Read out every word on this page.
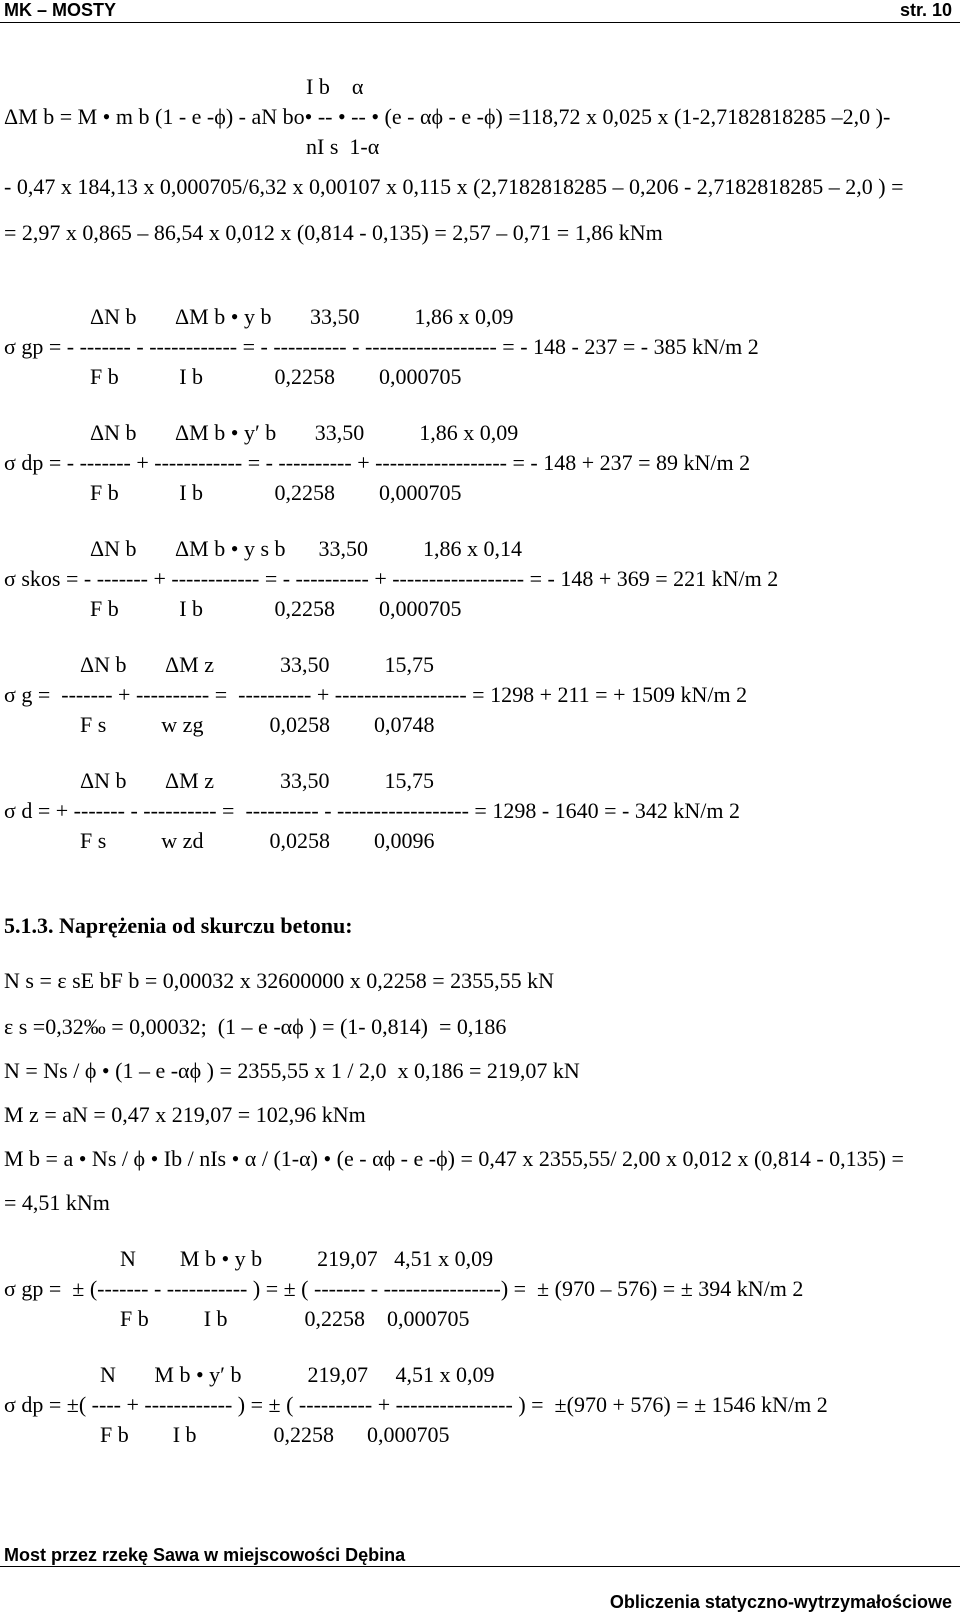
MK – MOSTY	str. 10
I b    α
ΔM b = M • m b (1 - e -ϕ) - aN bo• -- • -- • (e - αϕ - e -ϕ) =118,72 x 0,025 x (1-2,7182818285 –2,0 )-
nI s  1-α
- 0,47 x 184,13 x 0,000705/6,32 x 0,00107 x 0,115 x (2,7182818285 – 0,206 - 2,7182818285 – 2,0 ) =
= 2,97 x 0,865 – 86,54 x 0,012 x (0,814 - 0,135) = 2,57 – 0,71 = 1,86 kNm
ΔN b       ΔM b • y b       33,50          1,86 x 0,09
σ gp = - ------- - ------------ = - ---------- - ------------------ = - 148 - 237 = - 385 kN/m 2
F b           I b             0,2258        0,000705
ΔN b       ΔM b • y′ b       33,50          1,86 x 0,09
σ dp = - ------- + ------------ = - ---------- + ------------------ = - 148 + 237 = 89 kN/m 2
F b           I b             0,2258        0,000705
ΔN b       ΔM b • y s b      33,50          1,86 x 0,14
σ skos = - ------- + ------------ = - ---------- + ------------------ = - 148 + 369 = 221 kN/m 2
F b           I b             0,2258        0,000705
ΔN b       ΔM z            33,50          15,75
σ g =  ------- + ---------- =  ---------- + ------------------ = 1298 + 211 = + 1509 kN/m 2
F s          w zg            0,0258        0,0748
ΔN b       ΔM z            33,50          15,75
σ d = + ------- - ---------- =  ---------- - ------------------ = 1298 - 1640 = - 342 kN/m 2
F s          w zd            0,0258        0,0096
5.1.3. Naprężenia od skurczu betonu:
N s = ε sE bF b = 0,00032 x 32600000 x 0,2258 = 2355,55 kN
ε s =0,32‰ = 0,00032;  (1 – e -αϕ ) = (1- 0,814)  = 0,186
N = Ns / ϕ • (1 – e -αϕ ) = 2355,55 x 1 / 2,0  x 0,186 = 219,07 kN
M z = aN = 0,47 x 219,07 = 102,96 kNm
M b = a • Ns / ϕ • Ib / nIs • α / (1-α) • (e - αϕ - e -ϕ) = 0,47 x 2355,55/ 2,00 x 0,012 x (0,814 - 0,135) =
= 4,51 kNm
N        M b • y b          219,07   4,51 x 0,09
σ gp =  ± (------- - ----------- ) = ± ( ------- - ----------------) =  ± (970 – 576) = ± 394 kN/m 2
F b          I b              0,2258    0,000705
N       M b • y′ b            219,07     4,51 x 0,09
σ dp = ±( ---- + ------------ ) = ± ( ---------- + ---------------- ) =  ±(970 + 576) = ± 1546 kN/m 2
F b        I b              0,2258      0,000705
Most przez rzekę Sawa w miejscowości Dębina
Obliczenia statyczno-wytrzymałościowe
